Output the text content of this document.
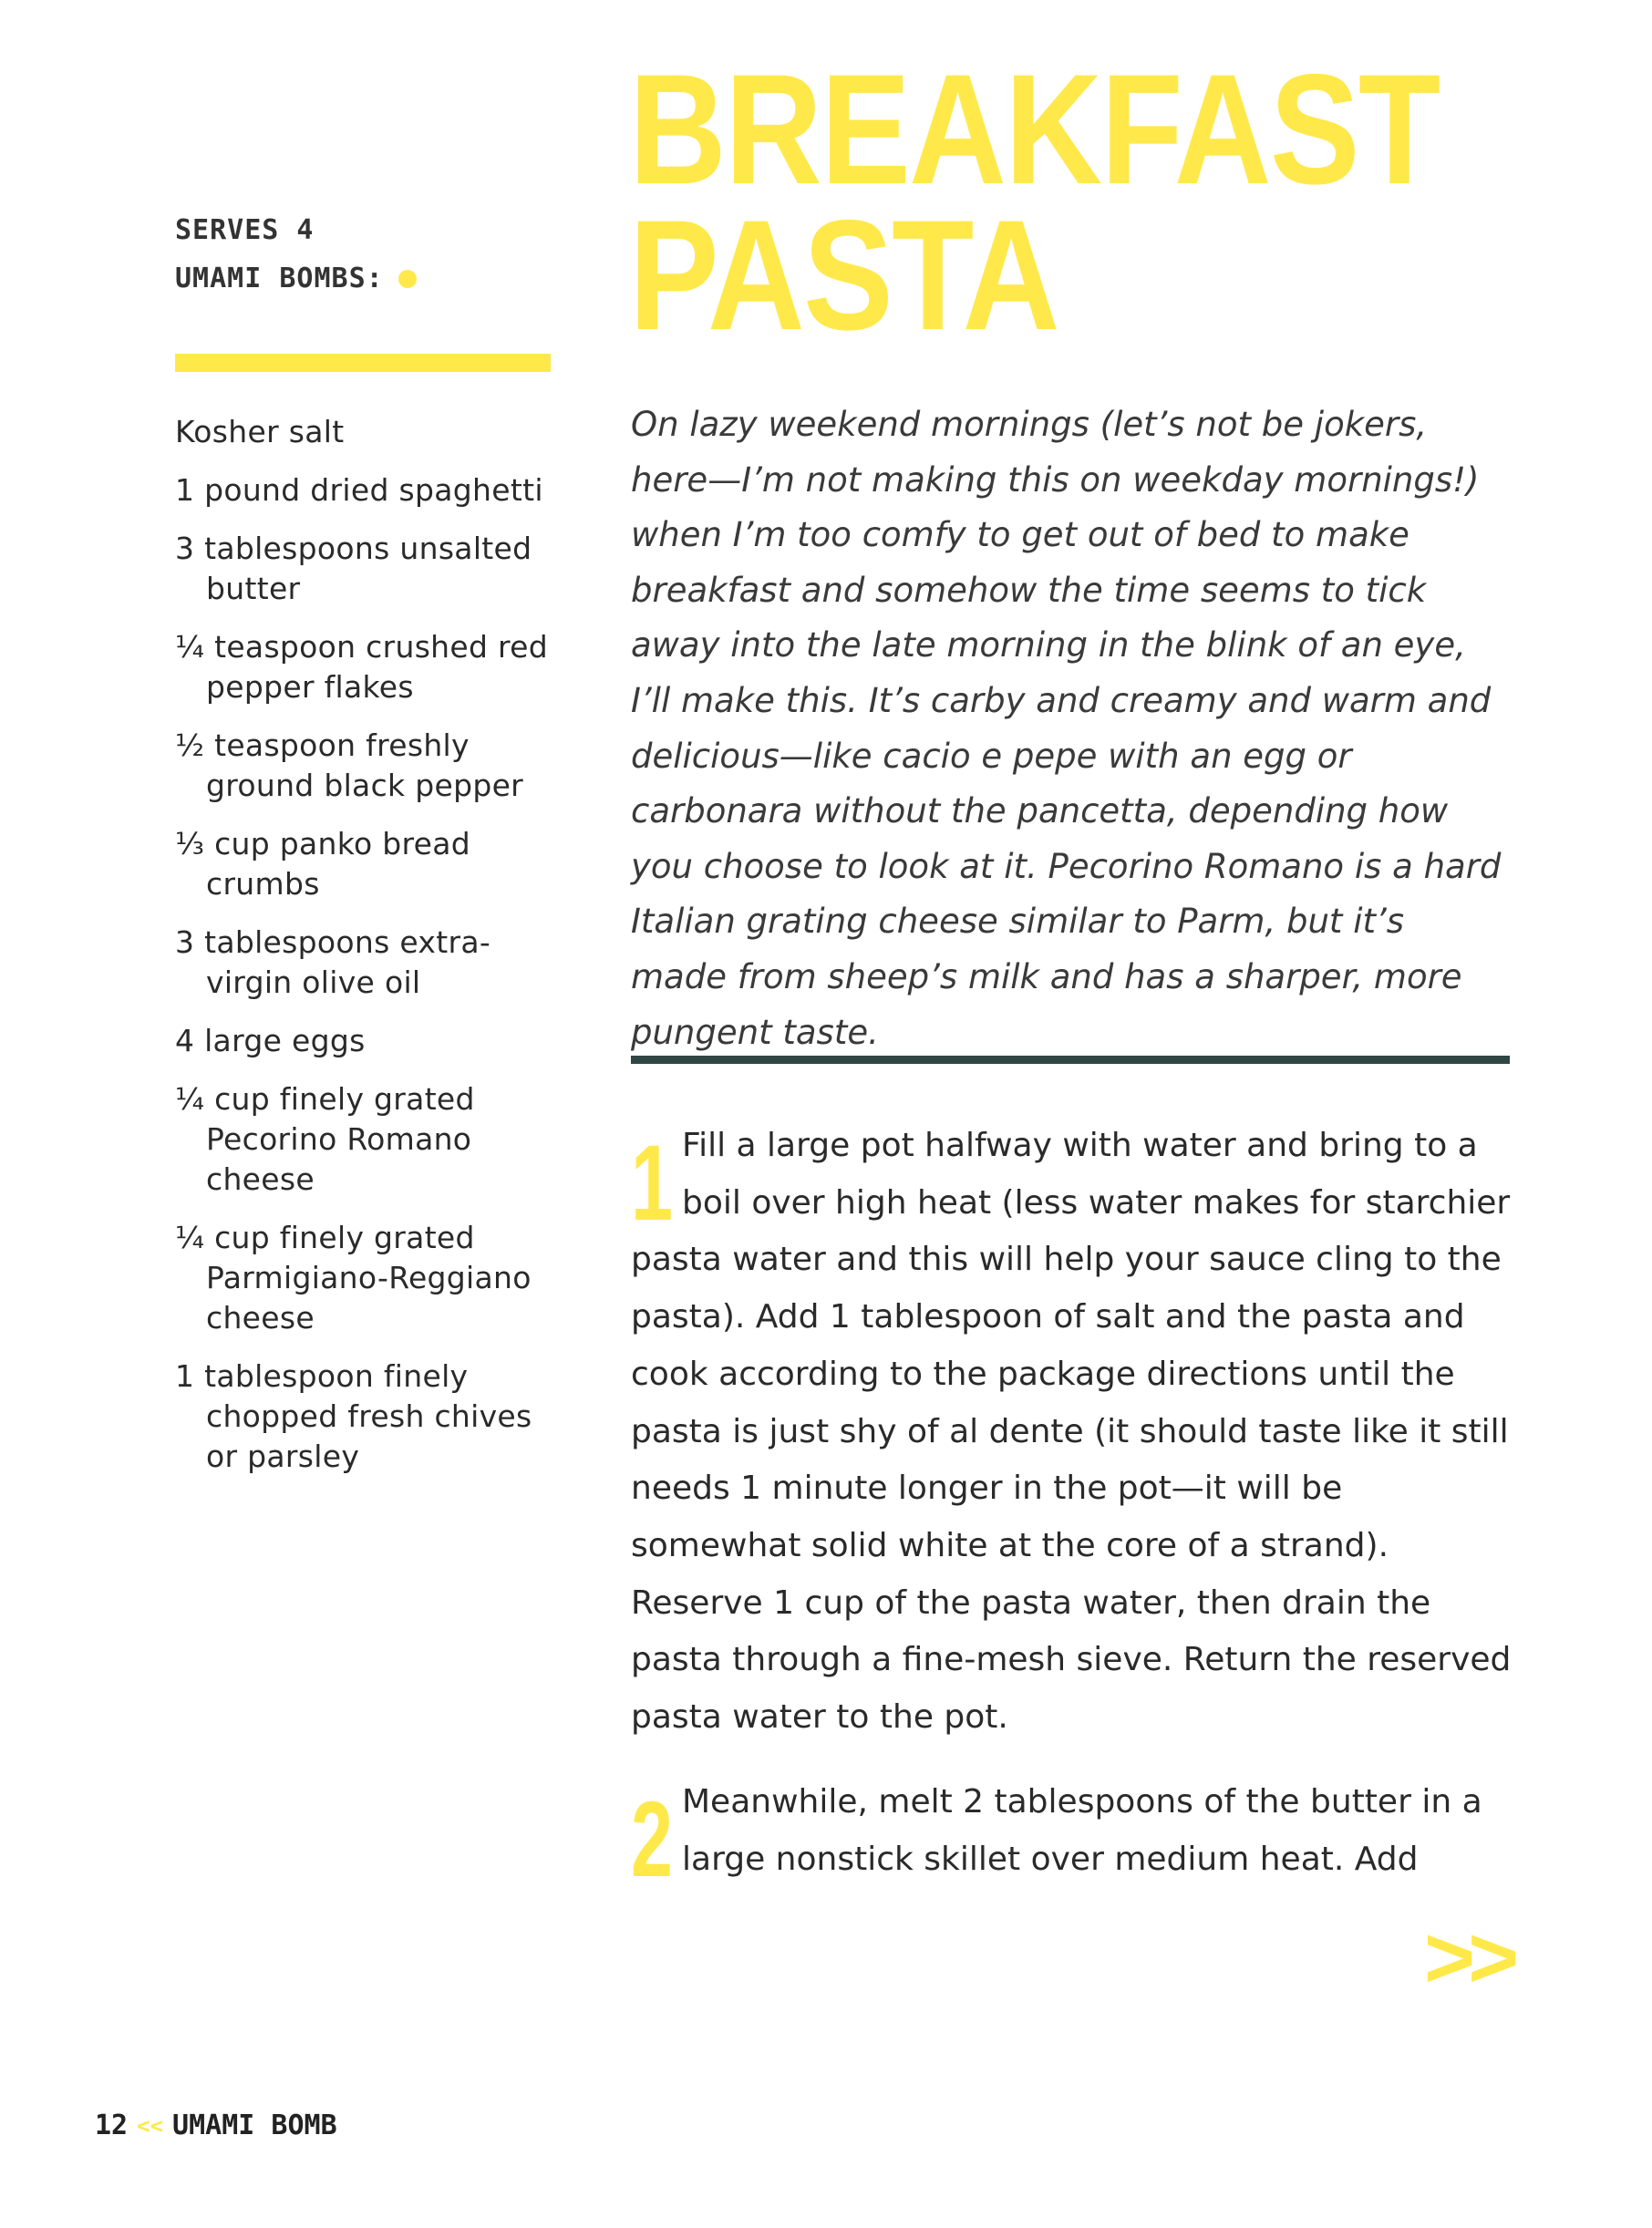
SERVES 4
UMAMI BOMBS:
Kosher salt
1 pound dried spaghetti
3 tablespoons unsalted butter
¼ teaspoon crushed red pepper flakes
½ teaspoon freshly ground black pepper
⅓ cup panko bread crumbs
3 tablespoons extra-virgin olive oil
4 large eggs
¼ cup finely grated Pecorino Romano cheese
¼ cup finely grated Parmigiano-Reggiano cheese
1 tablespoon finely chopped fresh chives or parsley
BREAKFAST
PASTA

On lazy weekend mornings (let’s not be jokers, here—I’m not making this on weekday mornings!) when I’m too comfy to get out of bed to make breakfast and somehow the time seems to tick away into the late morning in the blink of an eye, I’ll make this. It’s carby and creamy and warm and delicious—like cacio e pepe with an egg or carbonara without the pancetta, depending how you choose to look at it. Pecorino Romano is a hard Italian grating cheese similar to Parm, but it’s made from sheep’s milk and has a sharper, more pungent taste.

1 Fill a large pot halfway with water and bring to a boil over high heat (less water makes for starchier pasta water and this will help your sauce cling to the pasta). Add 1 tablespoon of salt and the pasta and cook according to the package directions until the pasta is just shy of al dente (it should taste like it still needs 1 minute longer in the pot—it will be somewhat solid white at the core of a strand). Reserve 1 cup of the pasta water, then drain the pasta through a fine-mesh sieve. Return the reserved pasta water to the pot.

2 Meanwhile, melt 2 tablespoons of the butter in a large nonstick skillet over medium heat. Add

>>
12 << UMAMI BOMB
